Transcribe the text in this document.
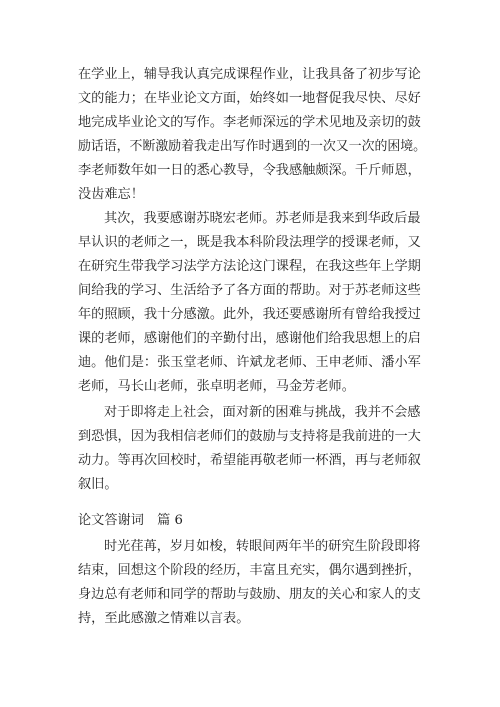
在学业上，辅导我认真完成课程作业，让我具备了初步写论
文的能力；在毕业论文方面，始终如一地督促我尽快、尽好
地完成毕业论文的写作。李老师深远的学术见地及亲切的鼓
励话语，不断激励着我走出写作时遇到的一次又一次的困境。
李老师数年如一日的悉心教导，令我感触颇深。千斤师恩，
没齿难忘！
其次，我要感谢苏晓宏老师。苏老师是我来到华政后最
早认识的老师之一，既是我本科阶段法理学的授课老师，又
在研究生带我学习法学方法论这门课程，在我这些年上学期
间给我的学习、生活给予了各方面的帮助。对于苏老师这些
年的照顾，我十分感激。此外，我还要感谢所有曾给我授过
课的老师，感谢他们的辛勤付出，感谢他们给我思想上的启
迪。他们是：张玉堂老师、许斌龙老师、王申老师、潘小军
老师，马长山老师，张卓明老师，马金芳老师。
对于即将走上社会，面对新的困难与挑战，我并不会感
到恐惧，因为我相信老师们的鼓励与支持将是我前进的一大
动力。等再次回校时，希望能再敬老师一杯酒，再与老师叙
叙旧。
论文答谢词　篇 6
时光荏苒，岁月如梭，转眼间两年半的研究生阶段即将
结束，回想这个阶段的经历，丰富且充实，偶尔遇到挫折，
身边总有老师和同学的帮助与鼓励、朋友的关心和家人的支
持，至此感激之情难以言表。
